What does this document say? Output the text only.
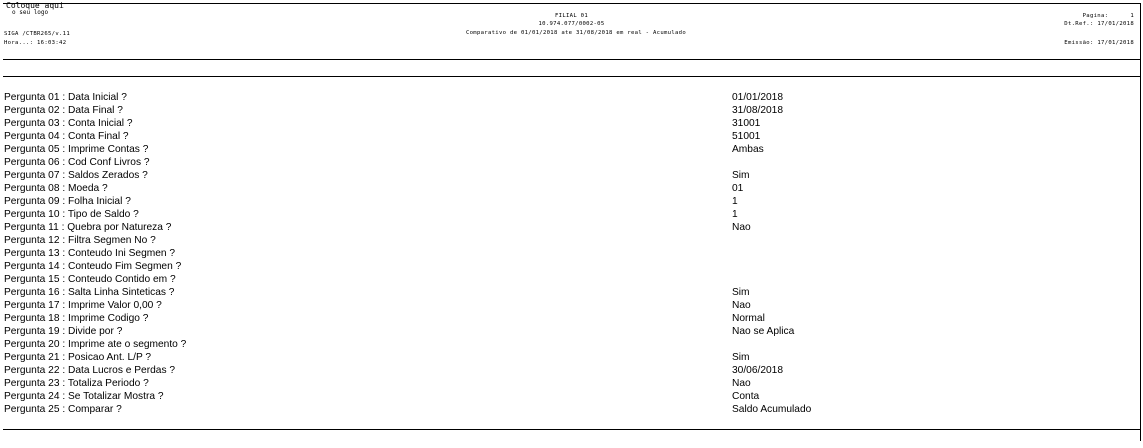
Coloque aqui
o seu logo	FILIAL 01
10.974.077/0002-05
Comparativo de 01/01/2018 ate 31/08/2018 em real - Acumulado
SIGA /CTBR265/v.11
Hora...: 16:03:42
Pagina:	1
Dt.Ref.: 17/01/2018
Emissão: 17/01/2018
Pergunta 01 : Data Inicial ?	01/01/2018
Pergunta 02 : Data Final ?	31/08/2018
Pergunta 03 : Conta Inicial ?	31001
Pergunta 04 : Conta Final ?	51001
Pergunta 05 : Imprime Contas ?	Ambas
Pergunta 06 : Cod Conf Livros ?
Pergunta 07 : Saldos Zerados ?	Sim
Pergunta 08 : Moeda ?	01
Pergunta 09 : Folha Inicial ?	1
Pergunta 10 : Tipo de Saldo ?	1
Pergunta 11 : Quebra por Natureza ?	Nao
Pergunta 12 : Filtra Segmen No ?
Pergunta 13 : Conteudo Ini Segmen ?
Pergunta 14 : Conteudo Fim Segmen ?
Pergunta 15 : Conteudo Contido em ?
Pergunta 16 : Salta Linha Sinteticas ?	Sim
Pergunta 17 : Imprime Valor 0,00 ?	Nao
Pergunta 18 : Imprime Codigo ?	Normal
Pergunta 19 : Divide por ?	Nao se Aplica
Pergunta 20 : Imprime ate o segmento ?
Pergunta 21 : Posicao Ant. L/P ?	Sim
Pergunta 22 : Data Lucros e Perdas ?	30/06/2018
Pergunta 23 : Totaliza Periodo ?	Nao
Pergunta 24 : Se Totalizar Mostra ?	Conta
Pergunta 25 : Comparar ?	Saldo Acumulado
